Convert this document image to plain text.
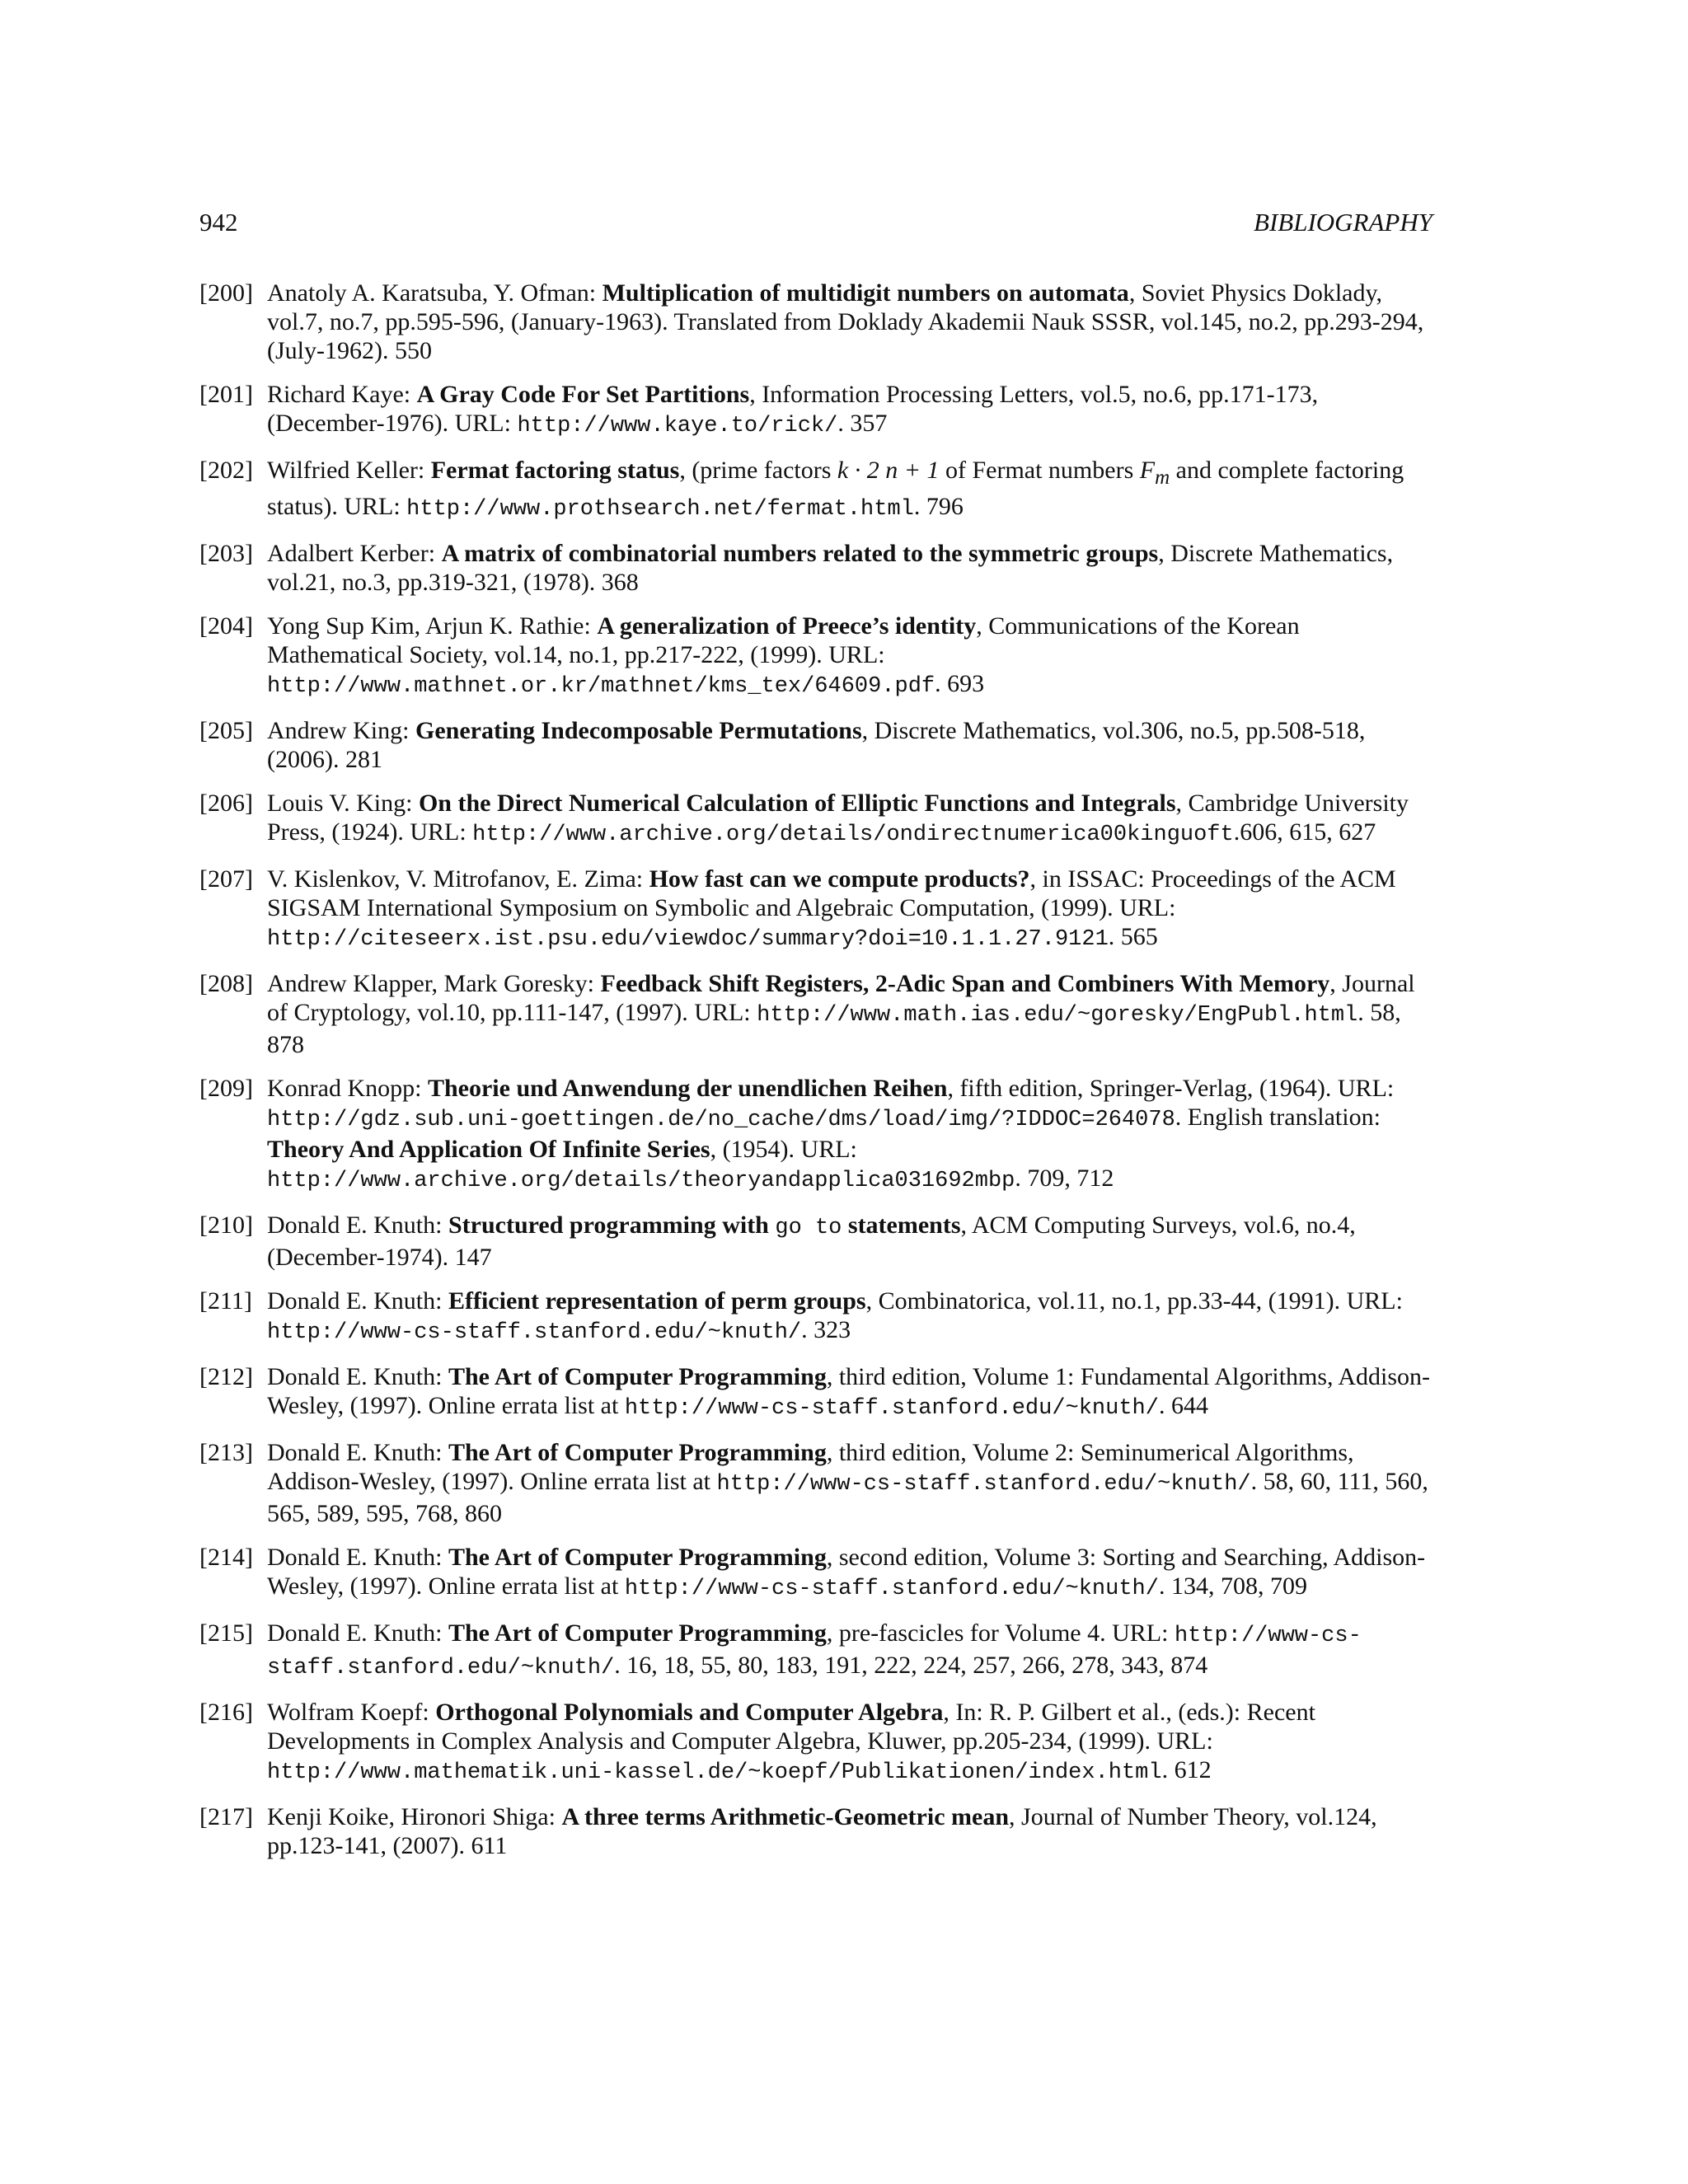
942	BIBLIOGRAPHY
[200] Anatoly A. Karatsuba, Y. Ofman: Multiplication of multidigit numbers on automata, Soviet Physics Doklady, vol.7, no.7, pp.595-596, (January-1963). Translated from Doklady Akademii Nauk SSSR, vol.145, no.2, pp.293-294, (July-1962). 550
[201] Richard Kaye: A Gray Code For Set Partitions, Information Processing Letters, vol.5, no.6, pp.171-173, (December-1976). URL: http://www.kaye.to/rick/. 357
[202] Wilfried Keller: Fermat factoring status, (prime factors k · 2 n + 1 of Fermat numbers $F_m$ and complete factoring status). URL: http://www.prothsearch.net/fermat.html. 796
[203] Adalbert Kerber: A matrix of combinatorial numbers related to the symmetric groups, Discrete Mathematics, vol.21, no.3, pp.319-321, (1978). 368
[204] Yong Sup Kim, Arjun K. Rathie: A generalization of Preece’s identity, Communications of the Korean Mathematical Society, vol.14, no.1, pp.217-222, (1999). URL: http://www.mathnet.or.kr/mathnet/kms_tex/64609.pdf. 693
[205] Andrew King: Generating Indecomposable Permutations, Discrete Mathematics, vol.306, no.5, pp.508-518, (2006). 281
[206] Louis V. King: On the Direct Numerical Calculation of Elliptic Functions and Integrals, Cambridge University Press, (1924). URL: http://www.archive.org/details/ondirectnumerica00kinguoft.606, 615, 627
[207] V. Kislenkov, V. Mitrofanov, E. Zima: How fast can we compute products?, in ISSAC: Proceedings of the ACM SIGSAM International Symposium on Symbolic and Algebraic Computation, (1999). URL: http://citeseerx.ist.psu.edu/viewdoc/summary?doi=10.1.1.27.9121. 565
[208] Andrew Klapper, Mark Goresky: Feedback Shift Registers, 2-Adic Span and Combiners With Memory, Journal of Cryptology, vol.10, pp.111-147, (1997). URL: http://www.math.ias.edu/~goresky/EngPubl.html. 58, 878
[209] Konrad Knopp: Theorie und Anwendung der unendlichen Reihen, fifth edition, Springer-Verlag, (1964). URL: http://gdz.sub.uni-goettingen.de/no_cache/dms/load/img/?IDDOC=264078. English translation: Theory And Application Of Infinite Series, (1954). URL: http://www.archive.org/details/theoryandapplica031692mbp. 709, 712
[210] Donald E. Knuth: Structured programming with go to statements, ACM Computing Surveys, vol.6, no.4, (December-1974). 147
[211] Donald E. Knuth: Efficient representation of perm groups, Combinatorica, vol.11, no.1, pp.33-44, (1991). URL: http://www-cs-staff.stanford.edu/~knuth/. 323
[212] Donald E. Knuth: The Art of Computer Programming, third edition, Volume 1: Fundamental Algorithms, Addison-Wesley, (1997). Online errata list at http://www-cs-staff.stanford.edu/~knuth/. 644
[213] Donald E. Knuth: The Art of Computer Programming, third edition, Volume 2: Seminumerical Algorithms, Addison-Wesley, (1997). Online errata list at http://www-cs-staff.stanford.edu/~knuth/. 58, 60, 111, 560, 565, 589, 595, 768, 860
[214] Donald E. Knuth: The Art of Computer Programming, second edition, Volume 3: Sorting and Searching, Addison-Wesley, (1997). Online errata list at http://www-cs-staff.stanford.edu/~knuth/. 134, 708, 709
[215] Donald E. Knuth: The Art of Computer Programming, pre-fascicles for Volume 4. URL: http://www-cs-staff.stanford.edu/~knuth/. 16, 18, 55, 80, 183, 191, 222, 224, 257, 266, 278, 343, 874
[216] Wolfram Koepf: Orthogonal Polynomials and Computer Algebra, In: R. P. Gilbert et al., (eds.): Recent Developments in Complex Analysis and Computer Algebra, Kluwer, pp.205-234, (1999). URL: http://www.mathematik.uni-kassel.de/~koepf/Publikationen/index.html. 612
[217] Kenji Koike, Hironori Shiga: A three terms Arithmetic-Geometric mean, Journal of Number Theory, vol.124, pp.123-141, (2007). 611
